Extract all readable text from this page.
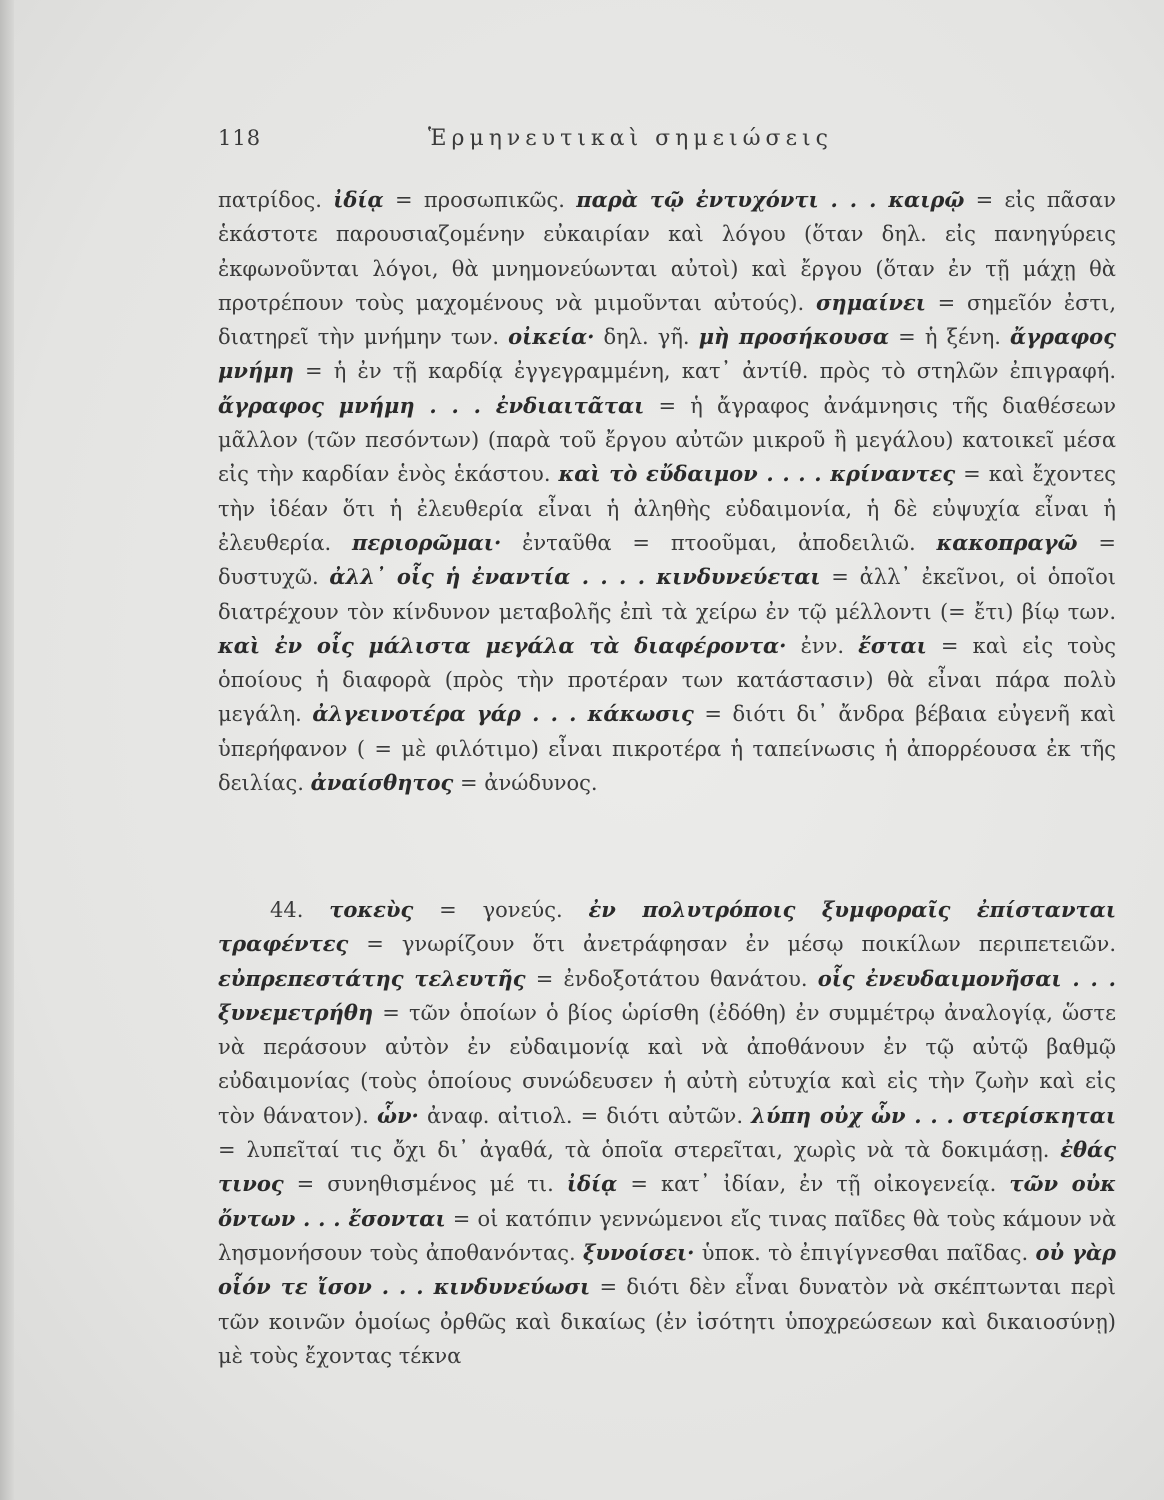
118	Ἑρμηνευτικαὶ σημειώσεις

πατρίδος. ἰδίᾳ = προσωπικῶς. παρὰ τῷ ἐντυχόντι . . . καιρῷ = εἰς πᾶσαν ἑκάστοτε παρουσιαζομένην εὐκαιρίαν καὶ λόγου (ὅταν δηλ. εἰς πανηγύρεις ἐκφωνοῦνται λόγοι, θὰ μνημονεύωνται αὐτοὶ) καὶ ἔργου (ὅταν ἐν τῇ μάχῃ θὰ προτρέπουν τοὺς μαχομένους νὰ μιμοῦνται αὐτούς). σημαίνει = σημεῖόν ἐστι, διατηρεῖ τὴν μνήμην των. οἰκεία· δηλ. γῆ. μὴ προσήκουσα = ἡ ξένη. ἄγραφος μνήμη = ἡ ἐν τῇ καρδίᾳ ἐγγεγραμμένη, κατ᾽ ἀντίθ. πρὸς τὸ στηλῶν ἐπιγραφή. ἄγραφος μνήμη . . . ἐνδιαιτᾶται = ἡ ἄγραφος ἀνάμνησις τῆς διαθέσεων μᾶλλον (τῶν πεσόντων) (παρὰ τοῦ ἔργου αὐτῶν μικροῦ ἢ μεγάλου) κατοικεῖ μέσα εἰς τὴν καρδίαν ἑνὸς ἑκάστου. καὶ τὸ εὔδαιμον . . . . κρίναντες = καὶ ἔχοντες τὴν ἰδέαν ὅτι ἡ ἐλευθερία εἶναι ἡ ἀληθὴς εὐδαιμονία, ἡ δὲ εὐψυχία εἶναι ἡ ἐλευθερία. περιορῶμαι· ἐνταῦθα = πτοοῦμαι, ἀποδειλιῶ. κακοπραγῶ = δυστυχῶ. ἀλλ᾽ οἷς ἡ ἐναντία . . . . κινδυνεύεται = ἀλλ᾽ ἐκεῖνοι, οἱ ὁποῖοι διατρέχουν τὸν κίνδυνον μεταβολῆς ἐπὶ τὰ χείρω ἐν τῷ μέλλοντι (= ἔτι) βίῳ των. καὶ ἐν οἷς μάλιστα μεγάλα τὰ διαφέροντα· ἐνν. ἔσται = καὶ εἰς τοὺς ὁποίους ἡ διαφορὰ (πρὸς τὴν προτέραν των κατάστασιν) θὰ εἶναι πάρα πολὺ μεγάλη. ἀλγεινοτέρα γάρ . . . κάκωσις = διότι δι᾽ ἄνδρα βέβαια εὐγενῆ καὶ ὑπερήφανον ( = μὲ φιλότιμο) εἶναι πικροτέρα ἡ ταπείνωσις ἡ ἀπορρέουσα ἐκ τῆς δειλίας. ἀναίσθητος = ἀνώδυνος.

44. τοκεὺς = γονεύς. ἐν πολυτρόποις ξυμφοραῖς ἐπίστανται τραφέντες = γνωρίζουν ὅτι ἀνετράφησαν ἐν μέσῳ ποικίλων περιπετειῶν. εὐπρεπεστάτης τελευτῆς = ἐνδοξοτάτου θανάτου. οἷς ἐνευδαιμονῆσαι . . . ξυνεμετρήθη = τῶν ὁποίων ὁ βίος ὡρίσθη (ἐδόθη) ἐν συμμέτρῳ ἀναλογίᾳ, ὥστε νὰ περάσουν αὐτὸν ἐν εὐδαιμονίᾳ καὶ νὰ ἀποθάνουν ἐν τῷ αὐτῷ βαθμῷ εὐδαιμονίας (τοὺς ὁποίους συνώδευσεν ἡ αὐτὴ εὐτυχία καὶ εἰς τὴν ζωὴν καὶ εἰς τὸν θάνατον). ὧν· ἀναφ. αἰτιολ. = διότι αὐτῶν. λύπη οὐχ ὧν . . . στερίσκηται = λυπεῖταί τις ὄχι δι᾽ ἀγαθά, τὰ ὁποῖα στερεῖται, χωρὶς νὰ τὰ δοκιμάσῃ. ἐθάς τινος = συνηθισμένος μέ τι. ἰδίᾳ = κατ᾽ ἰδίαν, ἐν τῇ οἰκογενείᾳ. τῶν οὐκ ὄντων . . . ἔσονται = οἱ κατόπιν γεννώμενοι εἴς τινας παῖδες θὰ τοὺς κάμουν νὰ λησμονήσουν τοὺς ἀποθανόντας. ξυνοίσει· ὑποκ. τὸ ἐπιγίγνεσθαι παῖδας. οὐ γὰρ οἷόν τε ἴσον . . . κινδυνεύωσι = διότι δὲν εἶναι δυνατὸν νὰ σκέπτωνται περὶ τῶν κοινῶν ὁμοίως ὀρθῶς καὶ δικαίως (ἐν ἰσότητι ὑποχρεώσεων καὶ δικαιοσύνῃ) μὲ τοὺς ἔχοντας τέκνα
